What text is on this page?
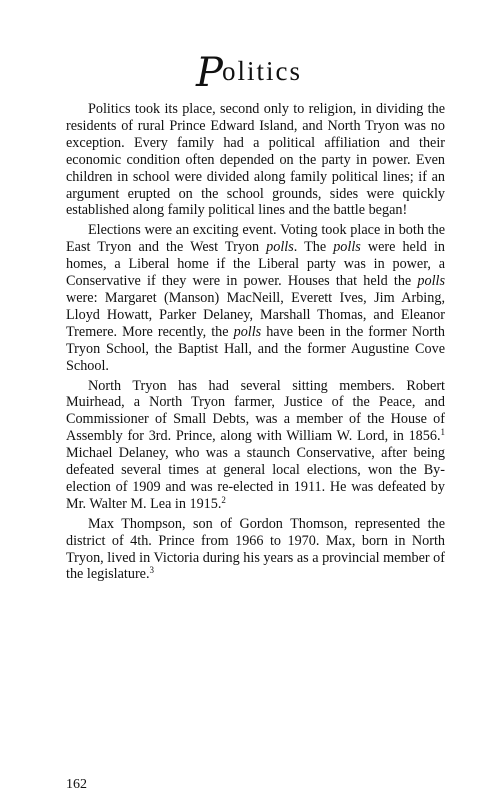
Politics

Politics took its place, second only to religion, in dividing the residents of rural Prince Edward Island, and North Tryon was no exception. Every family had a political affiliation and their economic condition often depended on the party in power. Even children in school were divided along family political lines; if an argument erupted on the school grounds, sides were quickly established along family political lines and the battle began!

Elections were an exciting event. Voting took place in both the East Tryon and the West Tryon polls. The polls were held in homes, a Liberal home if the Liberal party was in power, a Conservative if they were in power. Houses that held the polls were: Margaret (Manson) MacNeill, Everett Ives, Jim Arbing, Lloyd Howatt, Parker Delaney, Marshall Thomas, and Eleanor Tremere. More recently, the polls have been in the former North Tryon School, the Baptist Hall, and the former Augustine Cove School.

North Tryon has had several sitting members. Robert Muirhead, a North Tryon farmer, Justice of the Peace, and Commissioner of Small Debts, was a member of the House of Assembly for 3rd. Prince, along with William W. Lord, in 1856.$^1$ Michael Delaney, who was a staunch Conservative, after being defeated several times at general local elections, won the By-election of 1909 and was re-elected in 1911. He was defeated by Mr. Walter M. Lea in 1915.$^2$

Max Thompson, son of Gordon Thomson, represented the district of 4th. Prince from 1966 to 1970. Max, born in North Tryon, lived in Victoria during his years as a provincial member of the legislature.$^3$

162
